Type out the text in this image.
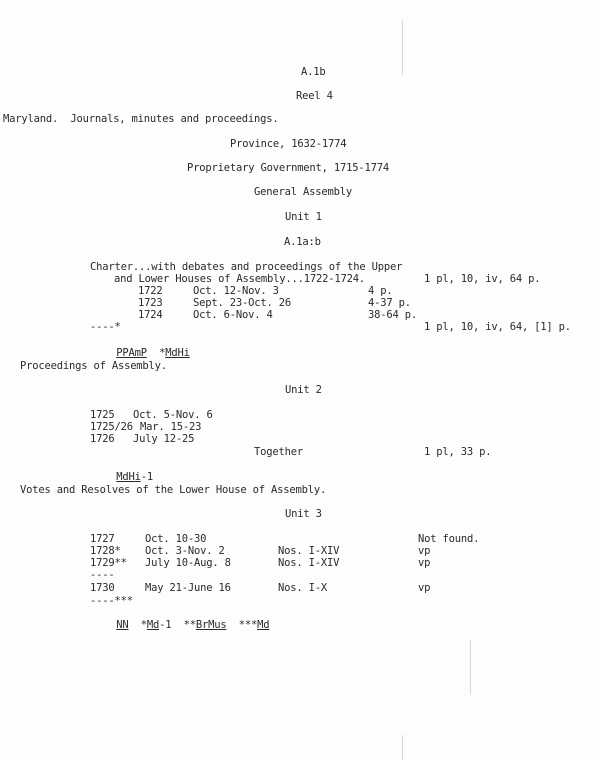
A.1b
Reel 4
Maryland.  Journals, minutes and proceedings.
Province, 1632-1774
Proprietary Government, 1715-1774
General Assembly
Unit 1
A.1a:b
Charter...with debates and proceedings of the Upper
and Lower Houses of Assembly...1722-1724.	1 pl, 10, iv, 64 p.
1722	Oct. 12-Nov. 3	4 p.
1723	Sept. 23-Oct. 26	4-37 p.
1724	Oct. 6-Nov. 4	38-64 p.
----*	1 pl, 10, iv, 64, [1] p.

PPAmP *MdHi

Proceedings of Assembly.
Unit 2
1725 Oct. 5-Nov. 6
1725/26 Mar. 15-23
1726 July 12-25
Together	1 pl, 33 p.

MdHi-1

Votes and Resolves of the Lower House of Assembly.
Unit 3
1727	Oct. 10-30	Not found.
1728* Oct. 3-Nov. 2	Nos. I-XIV	vp
1729** July 10-Aug. 8	Nos. I-XIV	vp
----
1730	May 21-June 16	Nos. I-X	vp
----***

NN *Md-1 **BrMus ***Md
